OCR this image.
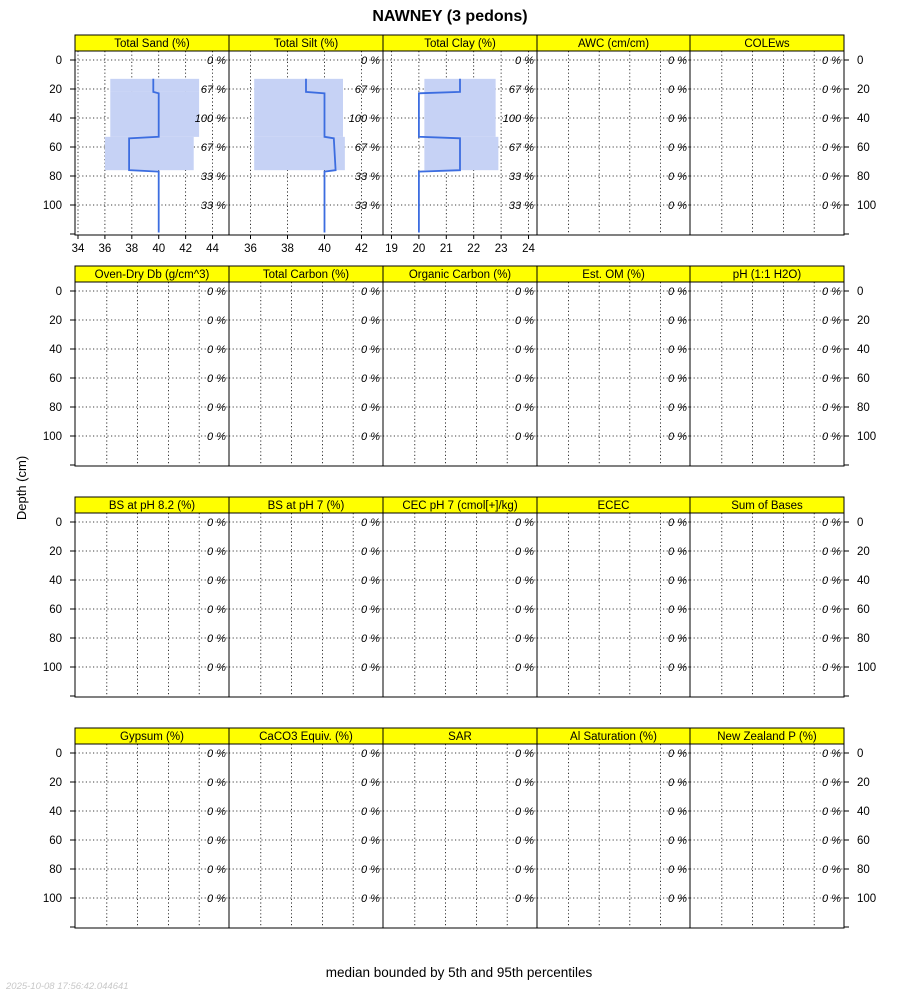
NAWNEY (3 pedons)
Total Sand (%)
34 36 38 40 42 44
0 %
67 %
100 %
67 %
33 %
33 %
0
20
40
60
80
100
Total Silt (%)
36 38 40 42
0 %
67 %
100 %
67 %
33 %
33 %
Total Clay (%)
19 20 21 22 23 24
0 %
67 %
100 %
67 %
33 %
33 %
AWC (cm/cm)
0 %
0 %
0 %
0 %
0 %
0 %
COLEws
0 %
0 %
0 %
0 %
0 %
0 %
0
20
40
60
80
100
Oven-Dry Db (g/cm^3)
0 %
0 %
0 %
0 %
0 %
0 %
0
20
40
60
80
100
Total Carbon (%)
0 %
0 %
0 %
0 %
0 %
0 %
Organic Carbon (%)
0 %
0 %
0 %
0 %
0 %
0 %
Est. OM (%)
0 %
0 %
0 %
0 %
0 %
0 %
pH (1:1 H2O)
0 %
0 %
0 %
0 %
0 %
0 %
0
20
40
60
80
100
BS at pH 8.2 (%)
0 %
0 %
0 %
0 %
0 %
0 %
0
20
40
60
80
100
BS at pH 7 (%)
0 %
0 %
0 %
0 %
0 %
0 %
CEC pH 7 (cmol[+]/kg)
0 %
0 %
0 %
0 %
0 %
0 %
ECEC
0 %
0 %
0 %
0 %
0 %
0 %
Sum of Bases
0 %
0 %
0 %
0 %
0 %
0 %
0
20
40
60
80
100
Gypsum (%)
0 %
0 %
0 %
0 %
0 %
0 %
0
20
40
60
80
100
CaCO3 Equiv. (%)
0 %
0 %
0 %
0 %
0 %
0 %
SAR
0 %
0 %
0 %
0 %
0 %
0 %
Al Saturation (%)
0 %
0 %
0 %
0 %
0 %
0 %
New Zealand P (%)
0 %
0 %
0 %
0 %
0 %
0 %
0
20
40
60
80
100
Depth (cm)
median bounded by 5th and 95th percentiles
2025-10-08 17:56:42.044641
